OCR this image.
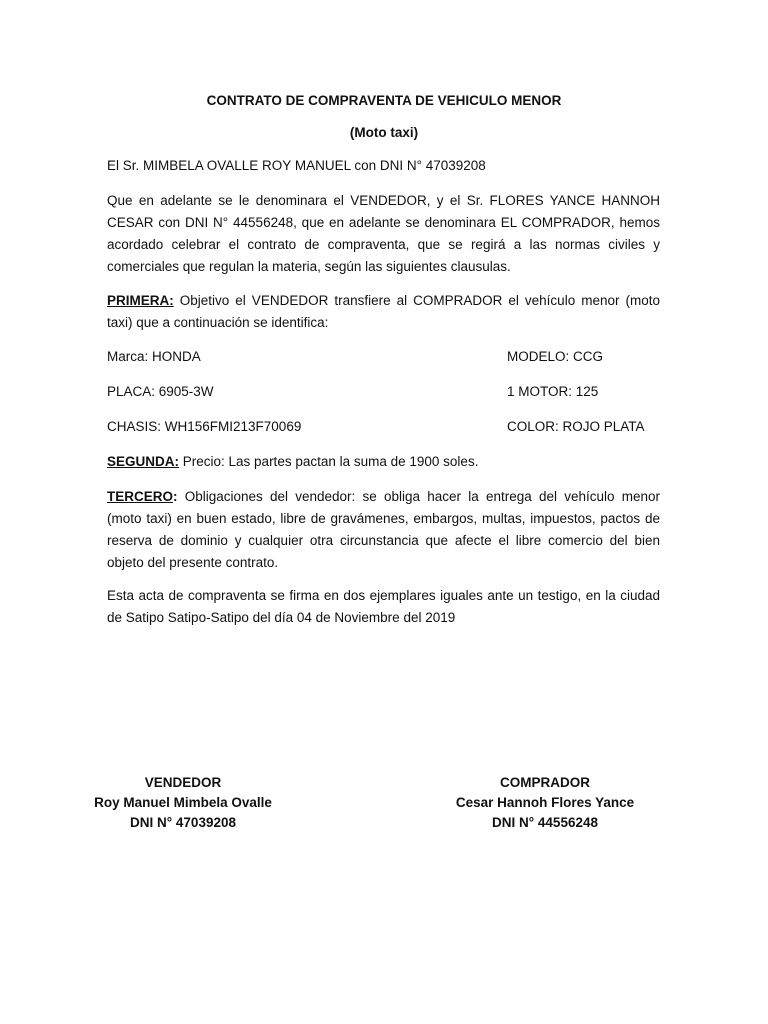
CONTRATO DE COMPRAVENTA DE VEHICULO MENOR
(Moto taxi)
El Sr. MIMBELA OVALLE ROY MANUEL con DNI N° 47039208
Que en adelante se le denominara el VENDEDOR, y el Sr. FLORES YANCE HANNOH CESAR con DNI N° 44556248, que en adelante se denominara EL COMPRADOR, hemos acordado celebrar el contrato de compraventa, que se regirá a las normas civiles y comerciales que regulan la materia, según las siguientes clausulas.
PRIMERA: Objetivo el VENDEDOR transfiere al COMPRADOR el vehículo menor (moto taxi) que a continuación se identifica:
Marca: HONDA	MODELO: CCG
PLACA: 6905-3W	1 MOTOR: 125
CHASIS: WH156FMI213F70069	COLOR: ROJO PLATA
SEGUNDA: Precio: Las partes pactan la suma de 1900 soles.
TERCERO: Obligaciones del vendedor: se obliga hacer la entrega del vehículo menor (moto taxi) en buen estado, libre de gravámenes, embargos, multas, impuestos, pactos de reserva de dominio y cualquier otra circunstancia que afecte el libre comercio del bien objeto del presente contrato.
Esta acta de compraventa se firma en dos ejemplares iguales ante un testigo, en la ciudad de Satipo Satipo-Satipo del día 04 de Noviembre del 2019
VENDEDOR
Roy Manuel Mimbela Ovalle
DNI N° 47039208
COMPRADOR
Cesar Hannoh Flores Yance
DNI N° 44556248
